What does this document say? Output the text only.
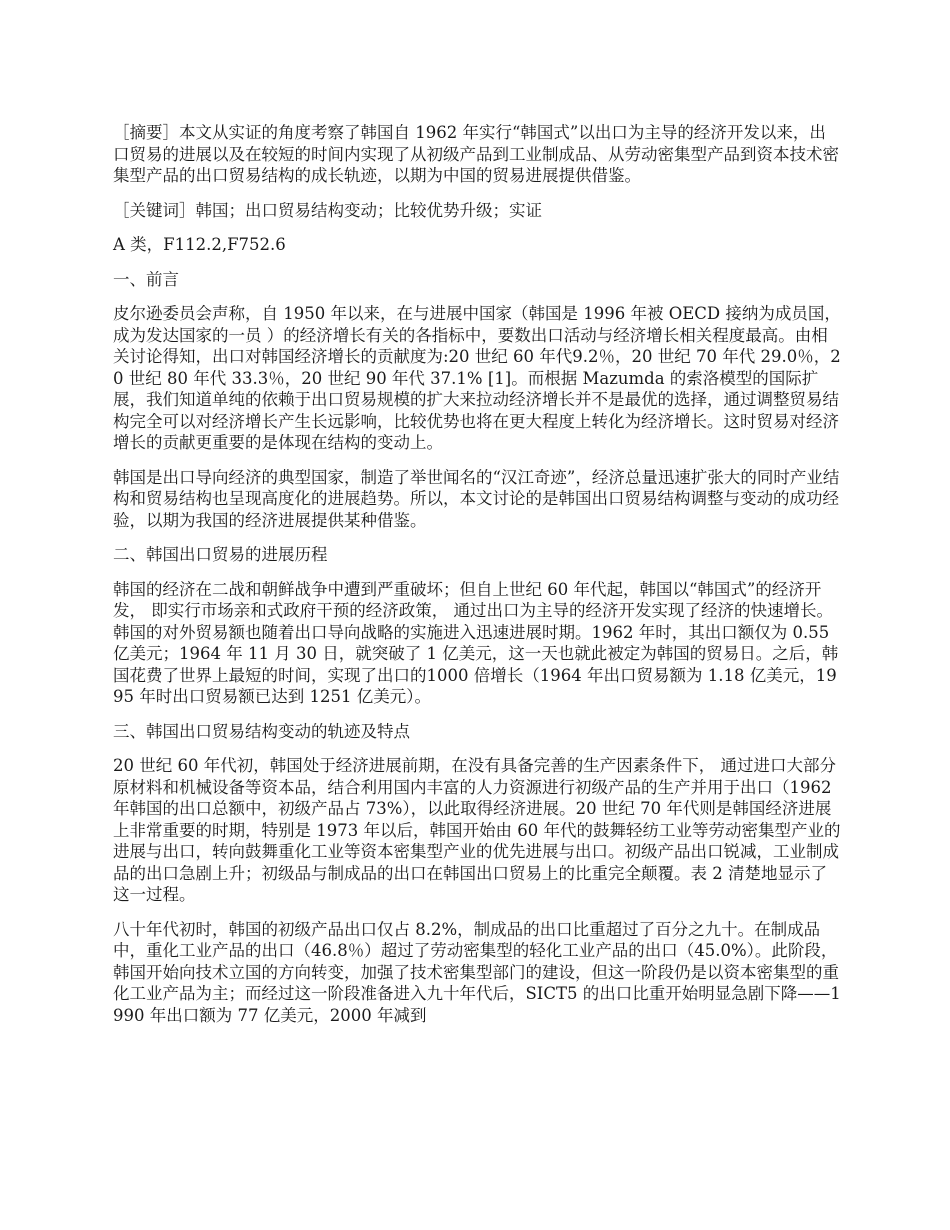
［摘要］本文从实证的角度考察了韩国自 1962 年实行“韩国式”以出口为主导的经济开发以来，出口贸易的进展以及在较短的时间内实现了从初级产品到工业制成品、从劳动密集型产品到资本技术密集型产品的出口贸易结构的成长轨迹，以期为中国的贸易进展提供借鉴。

［关键词］韩国；出口贸易结构变动；比较优势升级；实证

A 类，F112.2,F752.6

一、前言

皮尔逊委员会声称，自 1950 年以来，在与进展中国家（韩国是 1996 年被 OECD 接纳为成员国，成为发达国家的一员 ）的经济增长有关的各指标中，要数出口活动与经济增长相关程度最高。由相关讨论得知，出口对韩国经济增长的贡献度为:20 世纪 60 年代9.2％，20 世纪 70 年代 29.0％，20 世纪 80 年代 33.3％，20 世纪 90 年代 37.1% [1]。而根据 Mazumda 的索洛模型的国际扩展，我们知道单纯的依赖于出口贸易规模的扩大来拉动经济增长并不是最优的选择，通过调整贸易结构完全可以对经济增长产生长远影响，比较优势也将在更大程度上转化为经济增长。这时贸易对经济增长的贡献更重要的是体现在结构的变动上。

韩国是出口导向经济的典型国家，制造了举世闻名的“汉江奇迹”，经济总量迅速扩张大的同时产业结构和贸易结构也呈现高度化的进展趋势。所以，本文讨论的是韩国出口贸易结构调整与变动的成功经验，以期为我国的经济进展提供某种借鉴。

二、韩国出口贸易的进展历程

韩国的经济在二战和朝鲜战争中遭到严重破坏；但自上世纪 60 年代起，韩国以“韩国式”的经济开发， 即实行市场亲和式政府干预的经济政策， 通过出口为主导的经济开发实现了经济的快速增长。韩国的对外贸易额也随着出口导向战略的实施进入迅速进展时期。1962 年时，其出口额仅为 0.55 亿美元；1964 年 11 月 30 日，就突破了 1 亿美元，这一天也就此被定为韩国的贸易日。之后，韩国花费了世界上最短的时间，实现了出口的1000 倍增长（1964 年出口贸易额为 1.18 亿美元，1995 年时出口贸易额已达到 1251 亿美元）。

三、韩国出口贸易结构变动的轨迹及特点

20 世纪 60 年代初，韩国处于经济进展前期，在没有具备完善的生产因素条件下， 通过进口大部分原材料和机械设备等资本品，结合利用国内丰富的人力资源进行初级产品的生产并用于出口（1962 年韩国的出口总额中，初级产品占 73%），以此取得经济进展。20 世纪 70 年代则是韩国经济进展上非常重要的时期，特别是 1973 年以后，韩国开始由 60 年代的鼓舞轻纺工业等劳动密集型产业的进展与出口，转向鼓舞重化工业等资本密集型产业的优先进展与出口。初级产品出口锐减，工业制成品的出口急剧上升；初级品与制成品的出口在韩国出口贸易上的比重完全颠覆。表 2 清楚地显示了这一过程。

八十年代初时，韩国的初级产品出口仅占 8.2%，制成品的出口比重超过了百分之九十。在制成品中，重化工业产品的出口（46.8％）超过了劳动密集型的轻化工业产品的出口（45.0%）。此阶段，韩国开始向技术立国的方向转变，加强了技术密集型部门的建设，但这一阶段仍是以资本密集型的重化工业产品为主；而经过这一阶段准备进入九十年代后，SICT5 的出口比重开始明显急剧下降——1990 年出口额为 77 亿美元，2000 年减到
